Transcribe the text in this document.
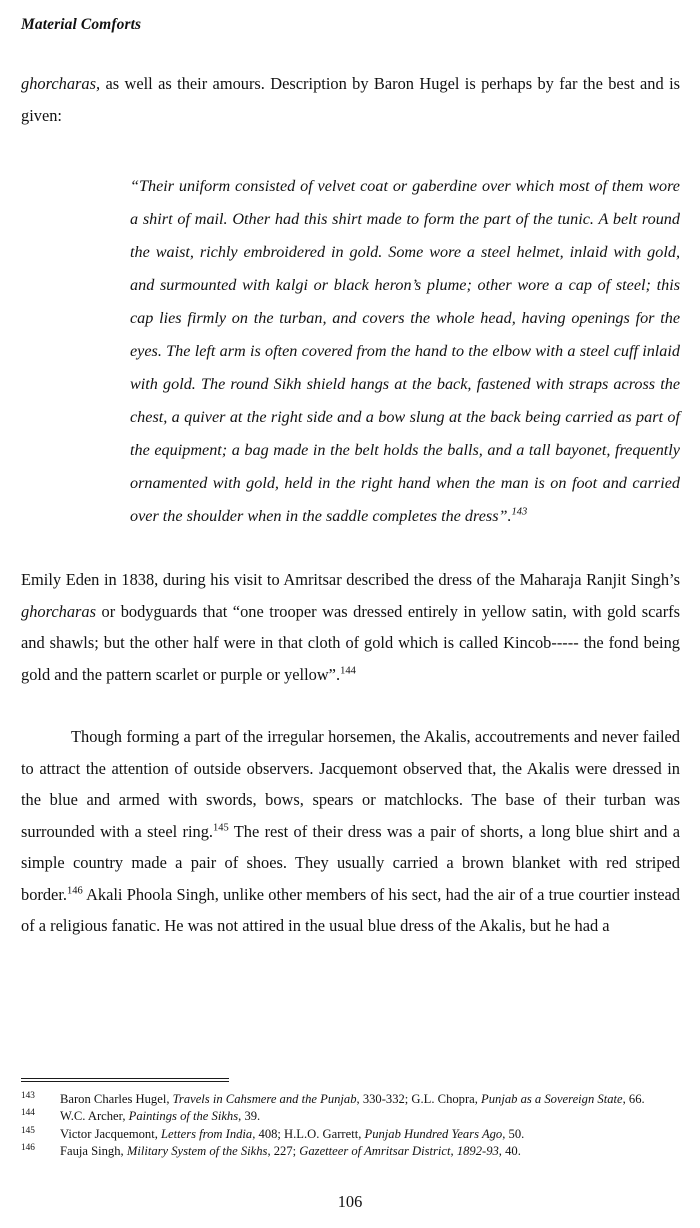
Material Comforts

ghorcharas, as well as their amours. Description by Baron Hugel is perhaps by far the best and is given:

“Their uniform consisted of velvet coat or gaberdine over which most of them wore a shirt of mail. Other had this shirt made to form the part of the tunic. A belt round the waist, richly embroidered in gold. Some wore a steel helmet, inlaid with gold, and surmounted with kalgi or black heron’s plume; other wore a cap of steel; this cap lies firmly on the turban, and covers the whole head, having openings for the eyes. The left arm is often covered from the hand to the elbow with a steel cuff inlaid with gold. The round Sikh shield hangs at the back, fastened with straps across the chest, a quiver at the right side and a bow slung at the back being carried as part of the equipment; a bag made in the belt holds the balls, and a tall bayonet, frequently ornamented with gold, held in the right hand when the man is on foot and carried over the shoulder when in the saddle completes the dress”.$^{143}$

Emily Eden in 1838, during his visit to Amritsar described the dress of the Maharaja Ranjit Singh’s ghorcharas or bodyguards that “one trooper was dressed entirely in yellow satin, with gold scarfs and shawls; but the other half were in that cloth of gold which is called Kincob----- the fond being gold and the pattern scarlet or purple or yellow”.$^{144}$

Though forming a part of the irregular horsemen, the Akalis, accoutrements and never failed to attract the attention of outside observers. Jacquemont observed that, the Akalis were dressed in the blue and armed with swords, bows, spears or matchlocks. The base of their turban was surrounded with a steel ring.$^{145}$ The rest of their dress was a pair of shorts, a long blue shirt and a simple country made a pair of shoes. They usually carried a brown blanket with red striped border.$^{146}$ Akali Phoola Singh, unlike other members of his sect, had the air of a true courtier instead of a religious fanatic. He was not attired in the usual blue dress of the Akalis, but he had a

143	Baron Charles Hugel, Travels in Cahsmere and the Punjab, 330-332; G.L. Chopra, Punjab as a Sovereign State, 66.
144	W.C. Archer, Paintings of the Sikhs, 39.
145	Victor Jacquemont, Letters from India, 408; H.L.O. Garrett, Punjab Hundred Years Ago, 50.
146	Fauja Singh, Military System of the Sikhs, 227; Gazetteer of Amritsar District, 1892-93, 40.
106
